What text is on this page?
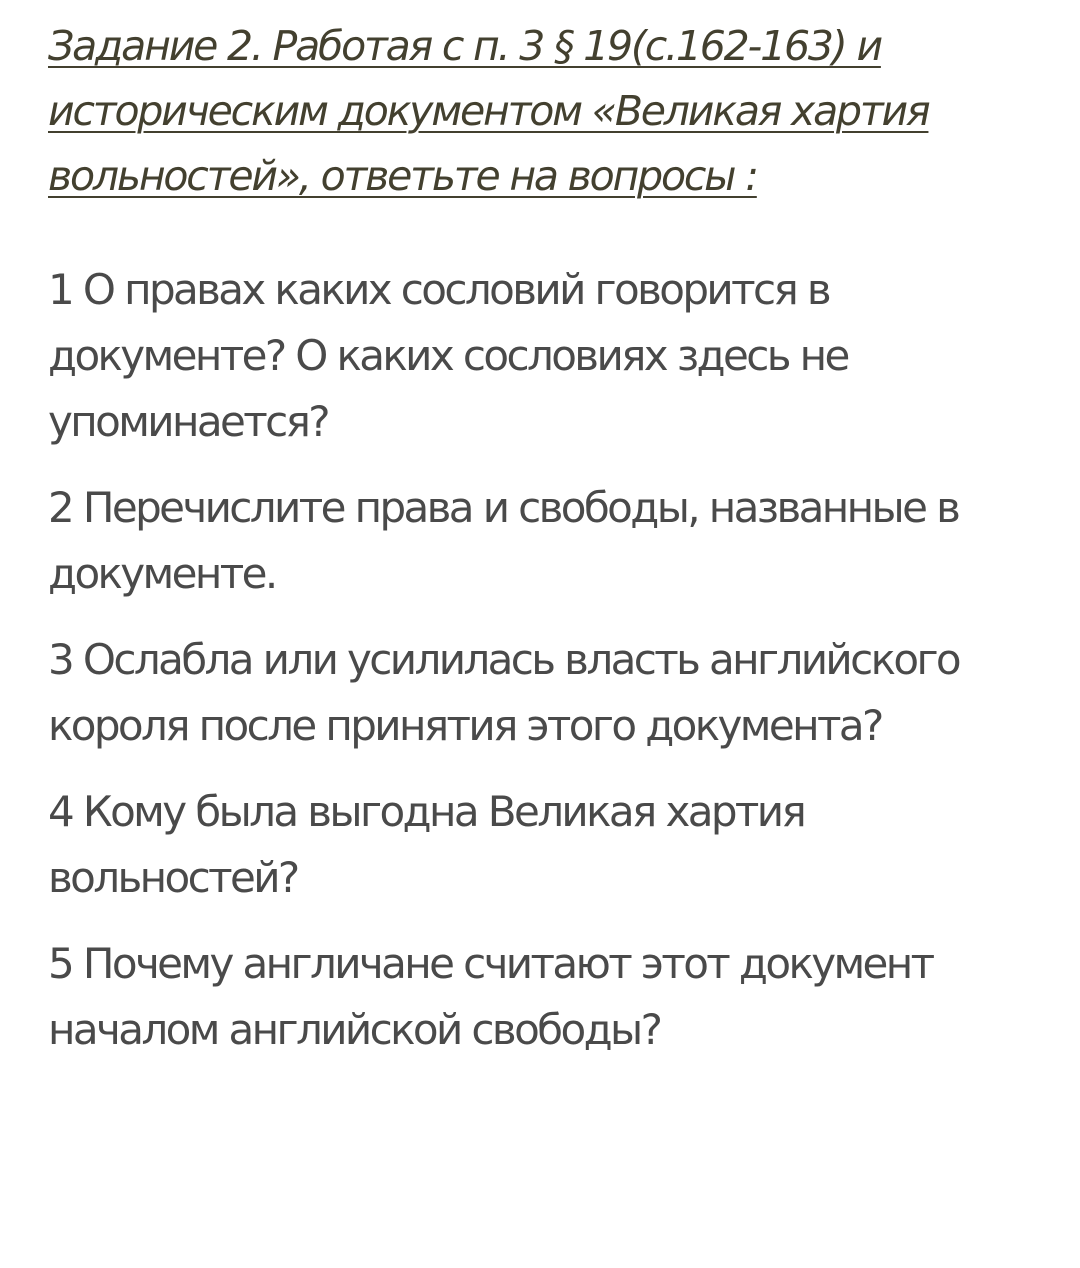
Задание 2. Работая с п. 3 § 19(с.162-163) и историческим документом «Великая хартия вольностей», ответьте на вопросы :
1 О правах каких сословий говорится в документе? О каких сословиях здесь не упоминается?
2 Перечислите права и свободы, названные в документе.
3 Ослабла или усилилась власть английского короля после принятия этого документа?
4 Кому была выгодна Великая хартия вольностей?
5 Почему англичане считают этот документ началом английской свободы?
